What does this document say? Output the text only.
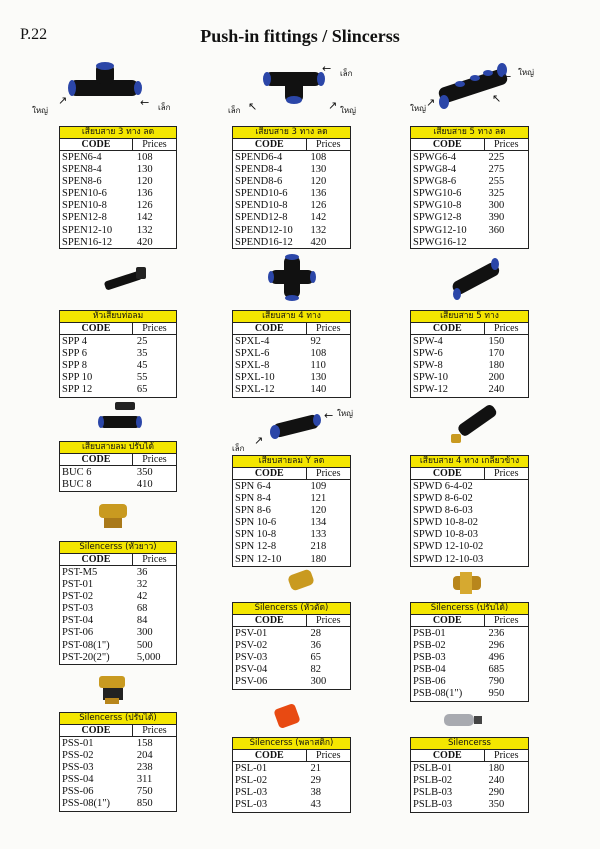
P.22	Push-in fittings / Slincerss
ใหญ่	เล็ก
↗	←
เล็ก
เล็ก	ใหญ่
←
↖	↗
ใหญ่
ใหญ่
←
↗	↖
ใหญ่
เล็ก
←
↗
เสียบสาย 3 ทาง ลด
CODE	Prices
SPEN6-4	108
SPEN8-4	130
SPEN8-6	120
SPEN10-6	136
SPEN10-8	126
SPEN12-8	142
SPEN12-10	132
SPEN16-12	420
เสียบสาย 3 ทาง ลด
CODE	Prices
SPEND6-4	108
SPEND8-4	130
SPEND8-6	120
SPEND10-6	136
SPEND10-8	126
SPEND12-8	142
SPEND12-10	132
SPEND16-12	420
เสียบสาย 5 ทาง ลด
CODE	Prices
SPWG6-4	225
SPWG8-4	275
SPWG8-6	255
SPWG10-6	325
SPWG10-8	300
SPWG12-8	390
SPWG12-10	360
SPWG16-12
หัวเสียบท่อลม
CODE	Prices
SPP 4	25
SPP 6	35
SPP 8	45
SPP 10	55
SPP 12	65
เสียบสาย 4 ทาง
CODE	Prices
SPXL-4	92
SPXL-6	108
SPXL-8	110
SPXL-10	130
SPXL-12	140
เสียบสาย 5 ทาง
CODE	Prices
SPW-4	150
SPW-6	170
SPW-8	180
SPW-10	200
SPW-12	240
เสียบสายลม ปรับได้
CODE	Prices
BUC 6	350
BUC 8	410
เสียบสายลม Y ลด
CODE	Prices
SPN 6-4	109
SPN 8-4	121
SPN 8-6	120
SPN 10-6	134
SPN 10-8	133
SPN 12-8	218
SPN 12-10	180
เสียบสาย 4 ทาง เกลียวข้าง
CODE	Prices
SPWD 6-4-02
SPWD 8-6-02
SPWD 8-6-03
SPWD 10-8-02
SPWD 10-8-03
SPWD 12-10-02
SPWD 12-10-03
Silencerss (หัวยาว)
CODE	Prices
PST-M5	36
PST-01	32
PST-02	42
PST-03	68
PST-04	84
PST-06	300
PST-08(1")	500
PST-20(2")	5,000
Silencerss (หัวตัด)
CODE	Prices
PSV-01	28
PSV-02	36
PSV-03	65
PSV-04	82
PSV-06	300
Silencerss (ปรับได้)
CODE	Prices
PSB-01	236
PSB-02	296
PSB-03	496
PSB-04	685
PSB-06	790
PSB-08(1")	950
Silencerss (ปรับได้)
CODE	Prices
PSS-01	158
PSS-02	204
PSS-03	238
PSS-04	311
PSS-06	750
PSS-08(1")	850
Silencerss (พลาสติก)
CODE	Prices
PSL-01	21
PSL-02	29
PSL-03	38
PSL-03	43
Silencerss
CODE	Prices
PSLB-01	180
PSLB-02	240
PSLB-03	290
PSLB-03	350
